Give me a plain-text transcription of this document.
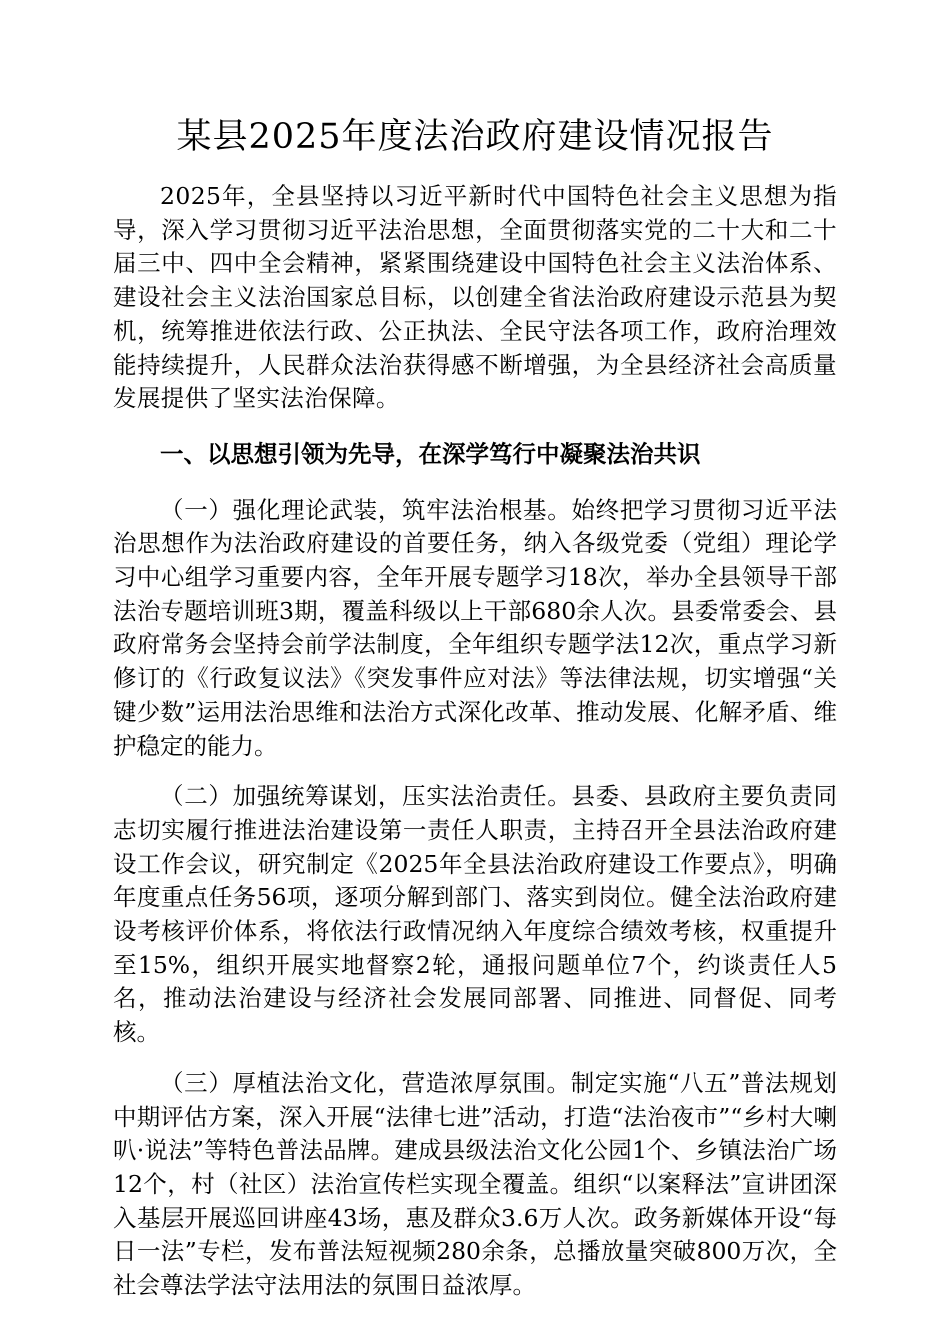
某县2025年度法治政府建设情况报告

2025年，全县坚持以习近平新时代中国特色社会主义思想为指导，深入学习贯彻习近平法治思想，全面贯彻落实党的二十大和二十届三中、四中全会精神，紧紧围绕建设中国特色社会主义法治体系、建设社会主义法治国家总目标，以创建全省法治政府建设示范县为契机，统筹推进依法行政、公正执法、全民守法各项工作，政府治理效能持续提升，人民群众法治获得感不断增强，为全县经济社会高质量发展提供了坚实法治保障。

一、以思想引领为先导，在深学笃行中凝聚法治共识

（一）强化理论武装，筑牢法治根基。始终把学习贯彻习近平法治思想作为法治政府建设的首要任务，纳入各级党委（党组）理论学习中心组学习重要内容，全年开展专题学习18次，举办全县领导干部法治专题培训班3期，覆盖科级以上干部680余人次。县委常委会、县政府常务会坚持会前学法制度，全年组织专题学法12次，重点学习新修订的《行政复议法》《突发事件应对法》等法律法规，切实增强“关键少数”运用法治思维和法治方式深化改革、推动发展、化解矛盾、维护稳定的能力。

（二）加强统筹谋划，压实法治责任。县委、县政府主要负责同志切实履行推进法治建设第一责任人职责，主持召开全县法治政府建设工作会议，研究制定《2025年全县法治政府建设工作要点》，明确年度重点任务56项，逐项分解到部门、落实到岗位。健全法治政府建设考核评价体系，将依法行政情况纳入年度综合绩效考核，权重提升至15%，组织开展实地督察2轮，通报问题单位7个，约谈责任人5名，推动法治建设与经济社会发展同部署、同推进、同督促、同考核。

（三）厚植法治文化，营造浓厚氛围。制定实施“八五”普法规划中期评估方案，深入开展“法律七进”活动，打造“法治夜市”“乡村大喇叭·说法”等特色普法品牌。建成县级法治文化公园1个、乡镇法治广场12个，村（社区）法治宣传栏实现全覆盖。组织“以案释法”宣讲团深入基层开展巡回讲座43场，惠及群众3.6万人次。政务新媒体开设“每日一法”专栏，发布普法短视频280余条，总播放量突破800万次，全社会尊法学法守法用法的氛围日益浓厚。
